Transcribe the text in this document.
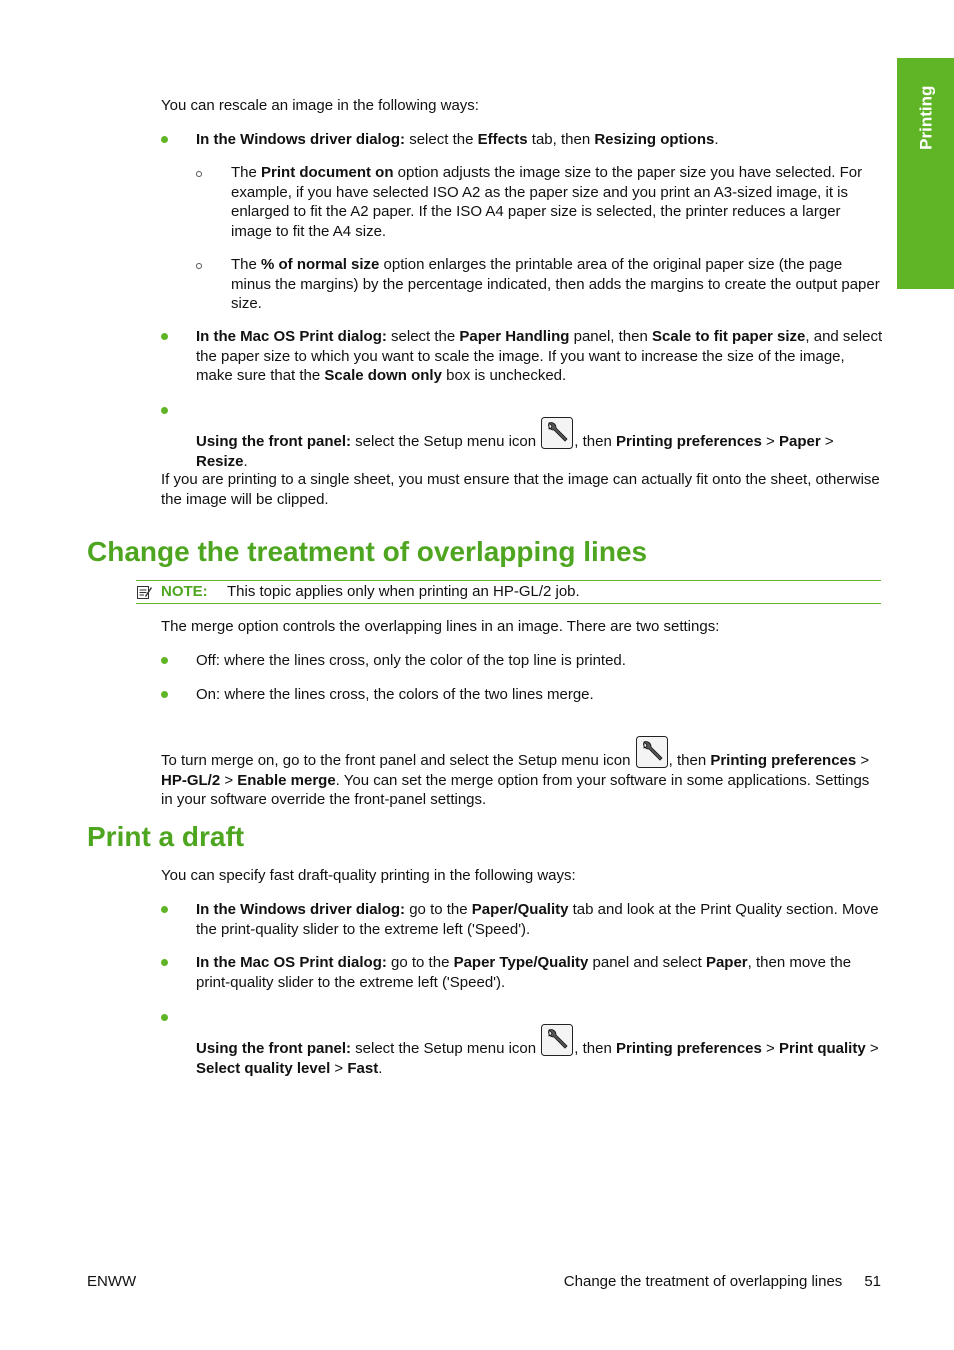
Printing
You can rescale an image in the following ways:
In the Windows driver dialog: select the Effects tab, then Resizing options.
The Print document on option adjusts the image size to the paper size you have selected. For example, if you have selected ISO A2 as the paper size and you print an A3-sized image, it is enlarged to fit the A2 paper. If the ISO A4 paper size is selected, the printer reduces a larger image to fit the A4 size.
The % of normal size option enlarges the printable area of the original paper size (the page minus the margins) by the percentage indicated, then adds the margins to create the output paper size.
In the Mac OS Print dialog: select the Paper Handling panel, then Scale to fit paper size, and select the paper size to which you want to scale the image. If you want to increase the size of the image, make sure that the Scale down only box is unchecked.
Using the front panel: select the Setup menu icon , then Printing preferences > Paper > Resize.
If you are printing to a single sheet, you must ensure that the image can actually fit onto the sheet, otherwise the image will be clipped.
Change the treatment of overlapping lines
NOTE: This topic applies only when printing an HP-GL/2 job.
The merge option controls the overlapping lines in an image. There are two settings:
Off: where the lines cross, only the color of the top line is printed.
On: where the lines cross, the colors of the two lines merge.
To turn merge on, go to the front panel and select the Setup menu icon , then Printing preferences > HP-GL/2 > Enable merge. You can set the merge option from your software in some applications. Settings in your software override the front-panel settings.
Print a draft
You can specify fast draft-quality printing in the following ways:
In the Windows driver dialog: go to the Paper/Quality tab and look at the Print Quality section. Move the print-quality slider to the extreme left ('Speed').
In the Mac OS Print dialog: go to the Paper Type/Quality panel and select Paper, then move the print-quality slider to the extreme left ('Speed').
Using the front panel: select the Setup menu icon , then Printing preferences > Print quality > Select quality level > Fast.
ENWW	Change the treatment of overlapping lines 51
